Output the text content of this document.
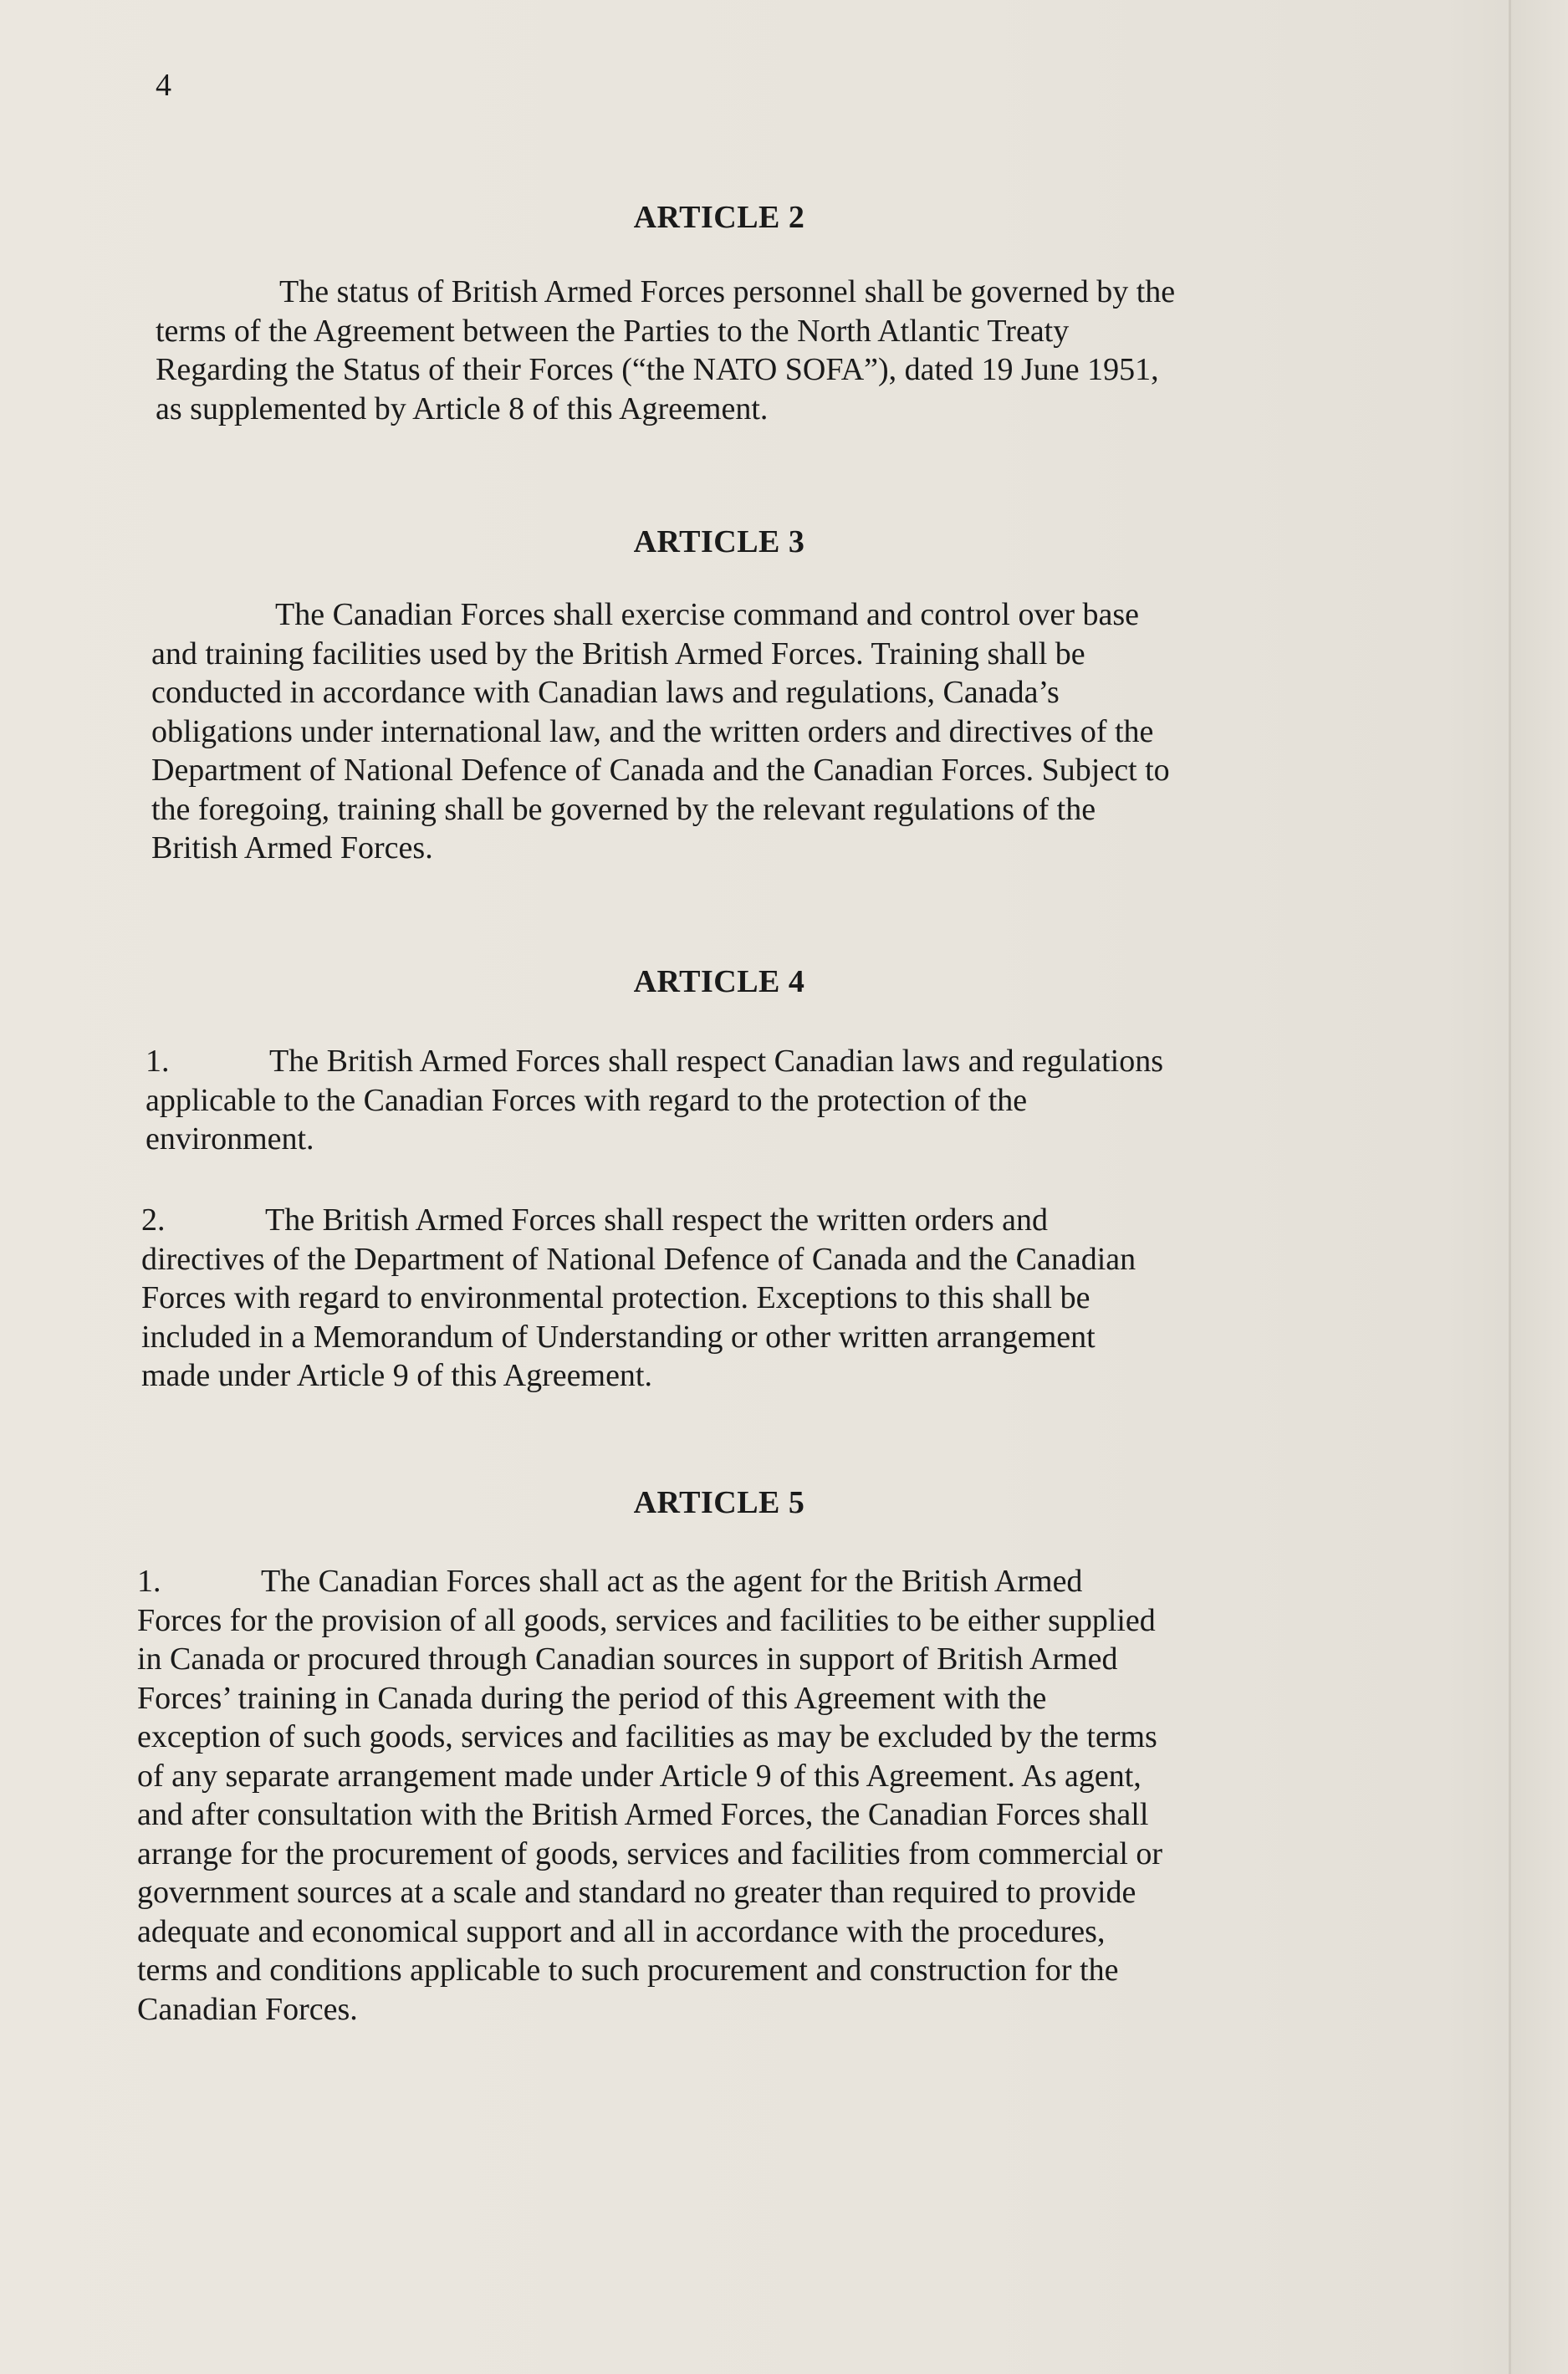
4
ARTICLE 2
The status of British Armed Forces personnel shall be governed by the
terms of the Agreement between the Parties to the North Atlantic Treaty
Regarding the Status of their Forces (“the NATO SOFA”), dated 19 June 1951,
as supplemented by Article 8 of this Agreement.
ARTICLE 3
The Canadian Forces shall exercise command and control over base
and training facilities used by the British Armed Forces. Training shall be
conducted in accordance with Canadian laws and regulations, Canada’s
obligations under international law, and the written orders and directives of the
Department of National Defence of Canada and the Canadian Forces. Subject to
the foregoing, training shall be governed by the relevant regulations of the
British Armed Forces.
ARTICLE 4
1.	The British Armed Forces shall respect Canadian laws and regulations
applicable to the Canadian Forces with regard to the protection of the
environment.
2.	The British Armed Forces shall respect the written orders and
directives of the Department of National Defence of Canada and the Canadian
Forces with regard to environmental protection. Exceptions to this shall be
included in a Memorandum of Understanding or other written arrangement
made under Article 9 of this Agreement.
ARTICLE 5
1.	The Canadian Forces shall act as the agent for the British Armed
Forces for the provision of all goods, services and facilities to be either supplied
in Canada or procured through Canadian sources in support of British Armed
Forces’ training in Canada during the period of this Agreement with the
exception of such goods, services and facilities as may be excluded by the terms
of any separate arrangement made under Article 9 of this Agreement. As agent,
and after consultation with the British Armed Forces, the Canadian Forces shall
arrange for the procurement of goods, services and facilities from commercial or
government sources at a scale and standard no greater than required to provide
adequate and economical support and all in accordance with the procedures,
terms and conditions applicable to such procurement and construction for the
Canadian Forces.
